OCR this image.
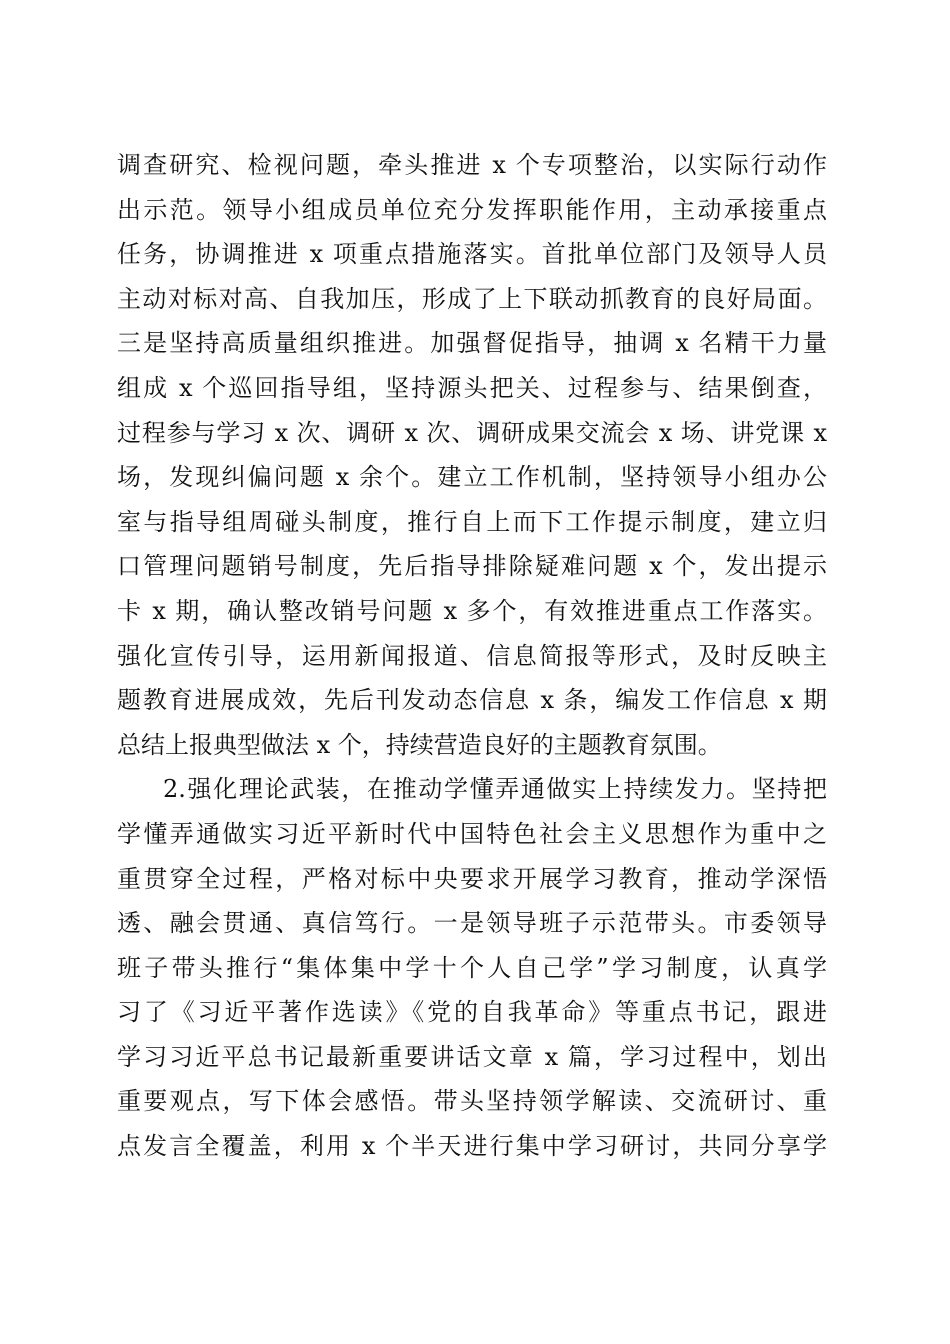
调查研究、检视问题，牵头推进 x 个专项整治，以实际行动作
出示范。领导小组成员单位充分发挥职能作用，主动承接重点
任务，协调推进 x 项重点措施落实。首批单位部门及领导人员
主动对标对高、自我加压，形成了上下联动抓教育的良好局面。
三是坚持高质量组织推进。加强督促指导，抽调 x 名精干力量
组成 x 个巡回指导组，坚持源头把关、过程参与、结果倒查，
过程参与学习 x 次、调研 x 次、调研成果交流会 x 场、讲党课 x
场，发现纠偏问题 x 余个。建立工作机制，坚持领导小组办公
室与指导组周碰头制度，推行自上而下工作提示制度，建立归
口管理问题销号制度，先后指导排除疑难问题 x 个，发出提示
卡 x 期，确认整改销号问题 x 多个，有效推进重点工作落实。
强化宣传引导，运用新闻报道、信息简报等形式，及时反映主
题教育进展成效，先后刊发动态信息 x 条，编发工作信息 x 期
总结上报典型做法 x 个，持续营造良好的主题教育氛围。
2.强化理论武装，在推动学懂弄通做实上持续发力。坚持把
学懂弄通做实习近平新时代中国特色社会主义思想作为重中之
重贯穿全过程，严格对标中央要求开展学习教育，推动学深悟
透、融会贯通、真信笃行。一是领导班子示范带头。市委领导
班子带头推行“集体集中学十个人自己学”学习制度，认真学
习了《习近平著作选读》《党的自我革命》等重点书记，跟进
学习习近平总书记最新重要讲话文章 x 篇，学习过程中，划出
重要观点，写下体会感悟。带头坚持领学解读、交流研讨、重
点发言全覆盖，利用 x 个半天进行集中学习研讨，共同分享学
